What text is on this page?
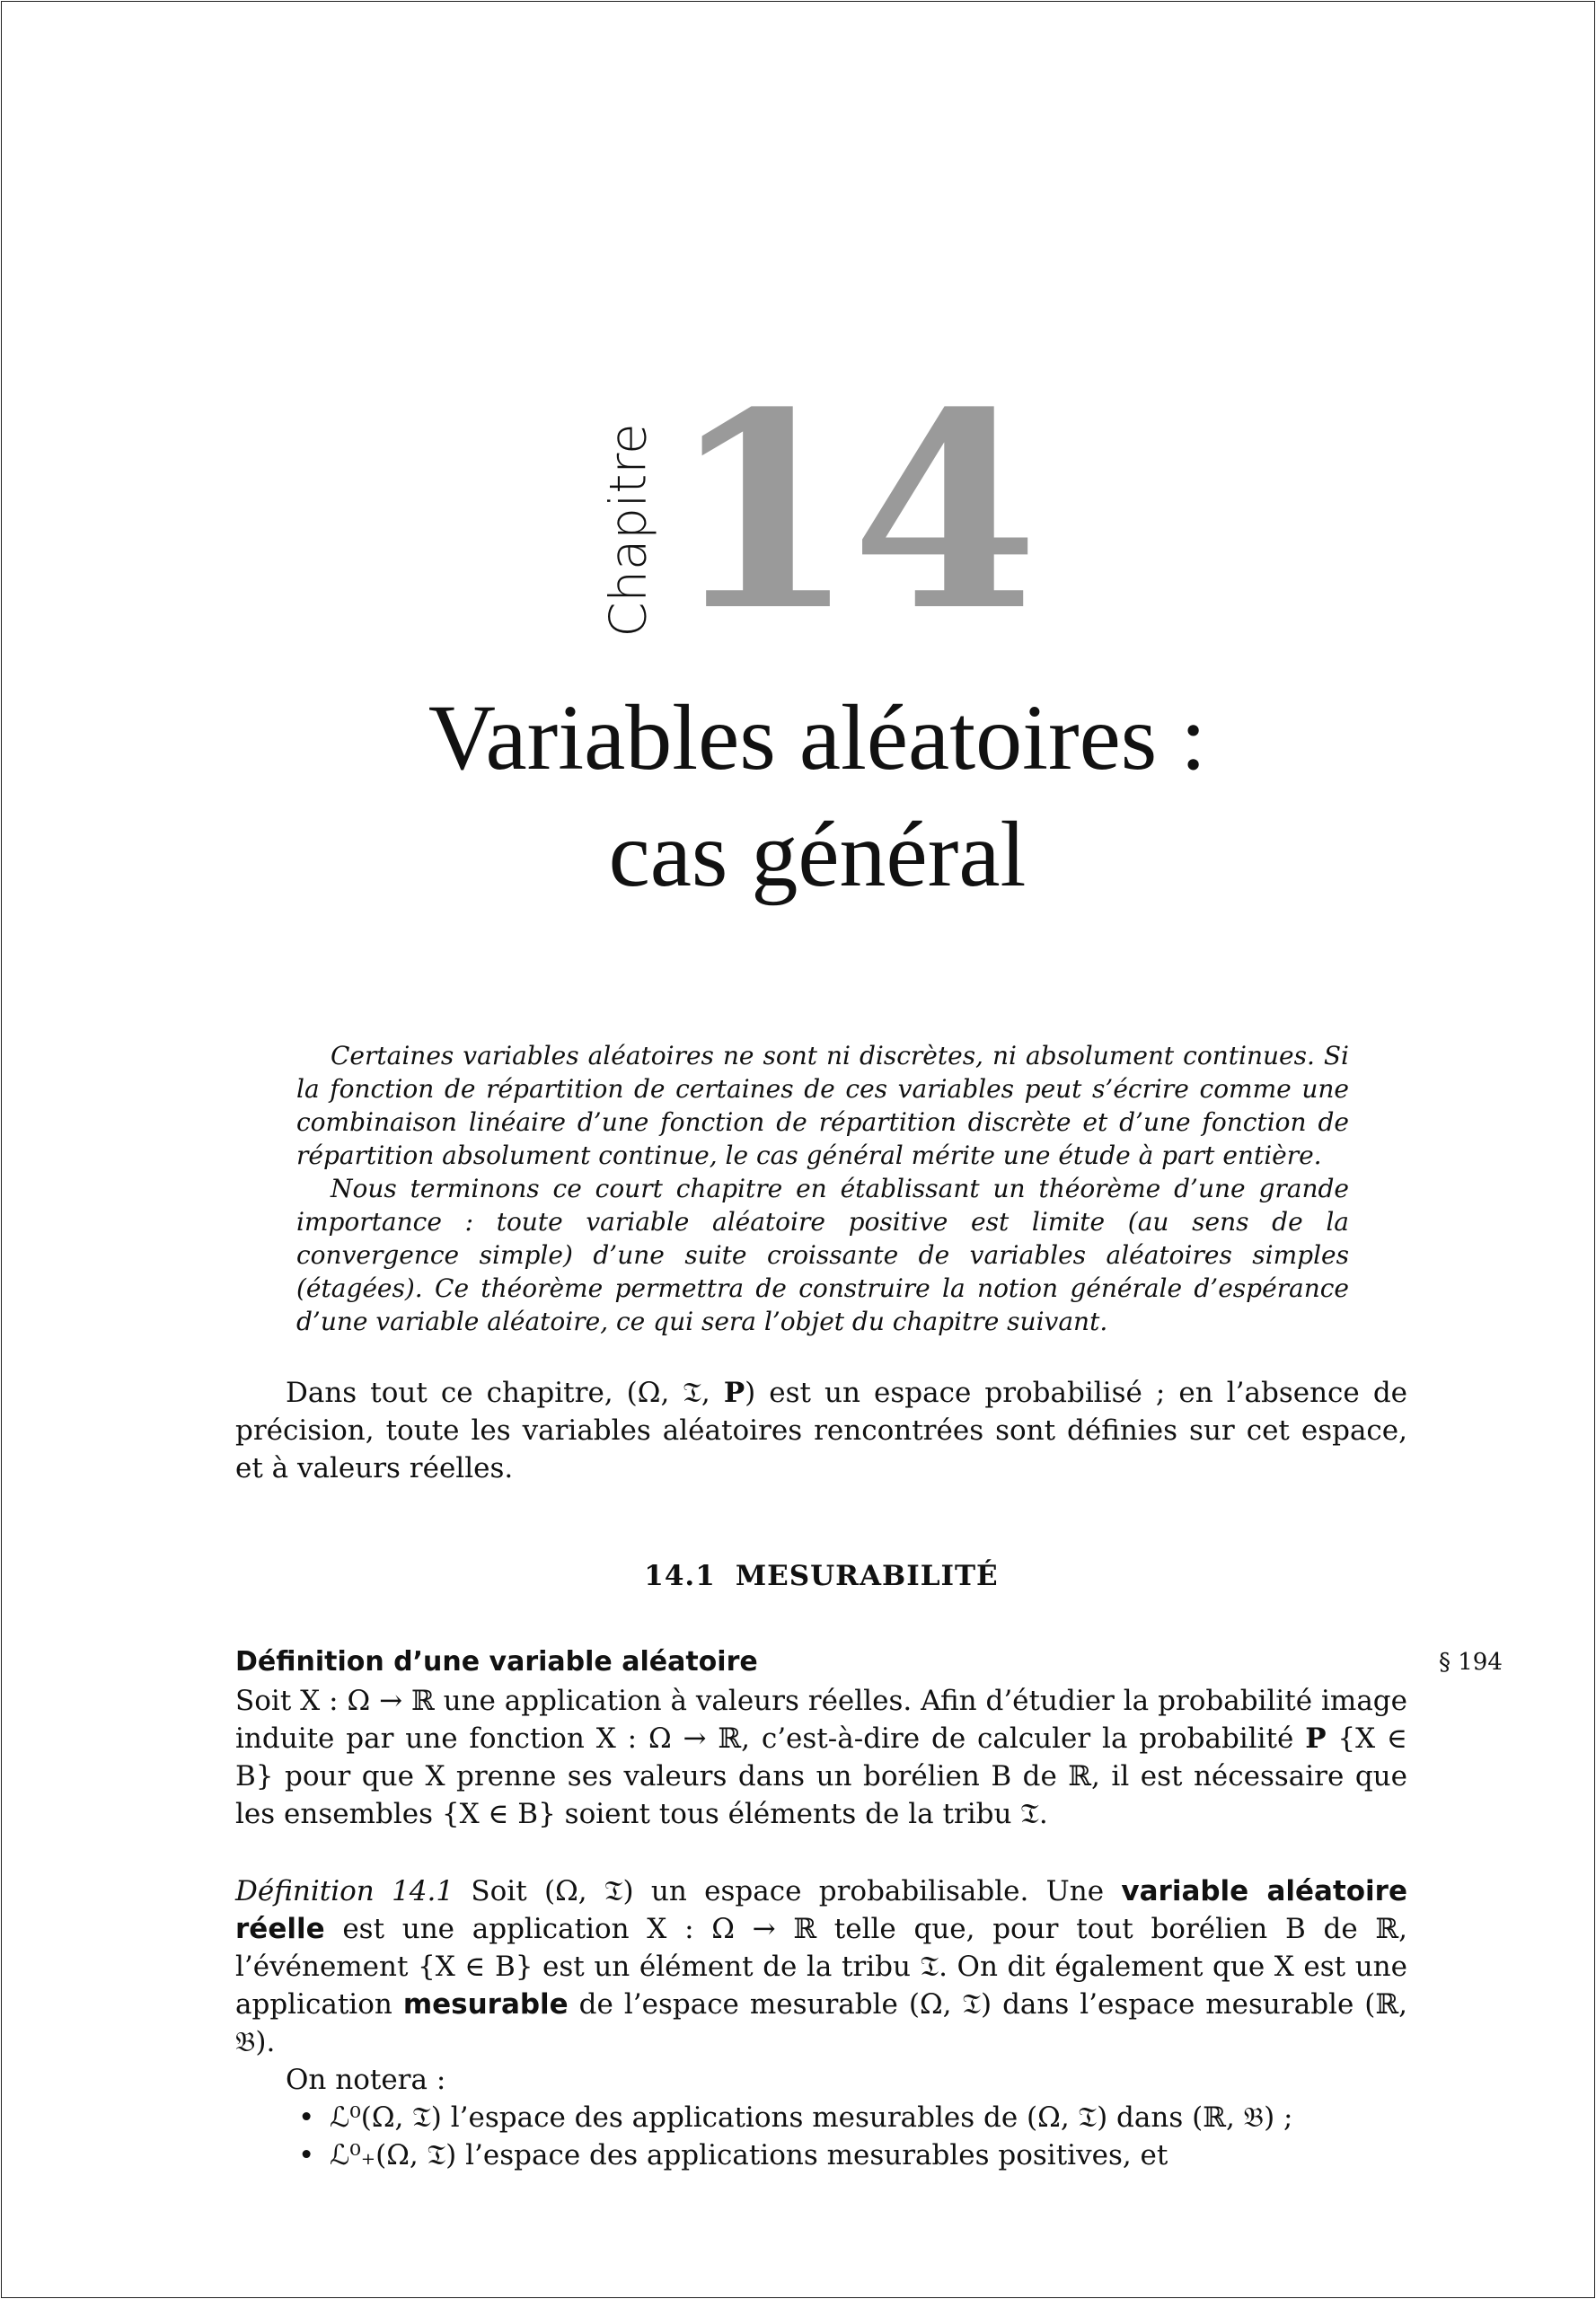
Chapitre 14
Variables aléatoires :
cas général

Certaines variables aléatoires ne sont ni discrètes, ni absolument continues. Si la fonction de répartition de certaines de ces variables peut s’écrire comme une combinaison linéaire d’une fonction de répartition discrète et d’une fonction de répartition absolument continue, le cas général mérite une étude à part entière.

Nous terminons ce court chapitre en établissant un théorème d’une grande importance : toute variable aléatoire positive est limite (au sens de la convergence simple) d’une suite croissante de variables aléatoires simples (étagées). Ce théorème permettra de construire la notion générale d’espérance d’une variable aléatoire, ce qui sera l’objet du chapitre suivant.

Dans tout ce chapitre, (Ω, 𝔗, P) est un espace probabilisé ; en l’absence de précision, toute les variables aléatoires rencontrées sont définies sur cet espace, et à valeurs réelles.

14.1 MESURABILITÉ
Définition d’une variable aléatoire	§ 194

Soit X : Ω → ℝ une application à valeurs réelles. Afin d’étudier la probabilité image induite par une fonction X : Ω → ℝ, c’est-à-dire de calculer la probabilité P {X ∈ B} pour que X prenne ses valeurs dans un borélien B de ℝ, il est nécessaire que les ensembles {X ∈ B} soient tous éléments de la tribu 𝔗.

Définition 14.1 Soit (Ω, 𝔗) un espace probabilisable. Une variable aléatoire réelle est une application X : Ω → ℝ telle que, pour tout borélien B de ℝ, l’événement {X ∈ B} est un élément de la tribu 𝔗. On dit également que X est une application mesurable de l’espace mesurable (Ω, 𝔗) dans l’espace mesurable (ℝ, 𝔅).

On notera :

• ℒ⁰(Ω, 𝔗) l’espace des applications mesurables de (Ω, 𝔗) dans (ℝ, 𝔅) ;
• ℒ⁰₊(Ω, 𝔗) l’espace des applications mesurables positives, et
